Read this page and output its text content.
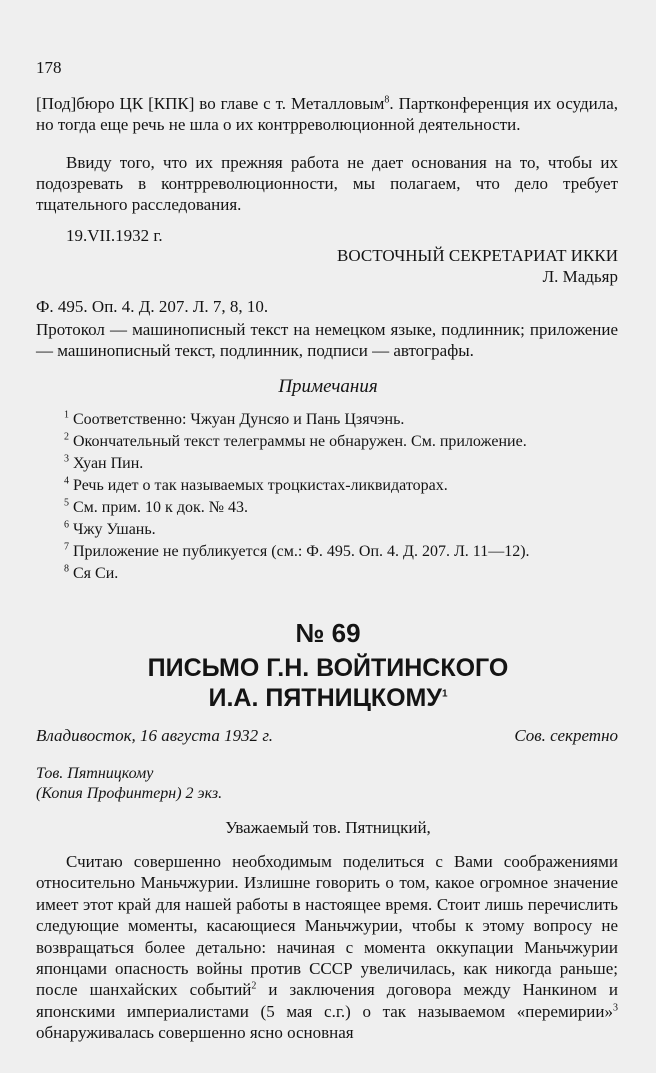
178
[Под]бюро ЦК [КПК] во главе с т. Металловым$^8$. Партконференция их осудила, но тогда еще речь не шла о их контрреволюционной деятельности.
Ввиду того, что их прежняя работа не дает основания на то, чтобы их подозревать в контрреволюционности, мы полагаем, что дело требует тщательного расследования.
19.VII.1932 г.
ВОСТОЧНЫЙ СЕКРЕТАРИАТ ИККИ
Л. Мадьяр
Ф. 495. Оп. 4. Д. 207. Л. 7, 8, 10.
Протокол — машинописный текст на немецком языке, подлинник; приложение — машинописный текст, подлинник, подписи — автографы.
Примечания
$^1$ Соответственно: Чжуан Дунсяо и Пань Цзячэнь.
$^2$ Окончательный текст телеграммы не обнаружен. См. приложение.
$^3$ Хуан Пин.
$^4$ Речь идет о так называемых троцкистах-ликвидаторах.
$^5$ См. прим. 10 к док. № 43.
$^6$ Чжу Ушань.
$^7$ Приложение не публикуется (см.: Ф. 495. Оп. 4. Д. 207. Л. 11—12).
$^8$ Ся Си.
№ 69
ПИСЬМО Г.Н. ВОЙТИНСКОГО
И.А. ПЯТНИЦКОМУ$^1$
Владивосток, 16 августа 1932 г.	Сов. секретно
Тов. Пятницкому
(Копия Профинтерн) 2 экз.
Уважаемый тов. Пятницкий,
Считаю совершенно необходимым поделиться с Вами соображениями относительно Маньчжурии. Излишне говорить о том, какое огромное значение имеет этот край для нашей работы в настоящее время. Стоит лишь перечислить следующие моменты, касающиеся Маньчжурии, чтобы к этому вопросу не возвращаться более детально: начиная с момента оккупации Маньчжурии японцами опасность войны против СССР увеличилась, как никогда раньше; после шанхайских событий$^2$ и заключения договора между Нанкином и японскими империалистами (5 мая с.г.) о так называемом «перемирии»$^3$ обнаруживалась совершенно ясно основная
